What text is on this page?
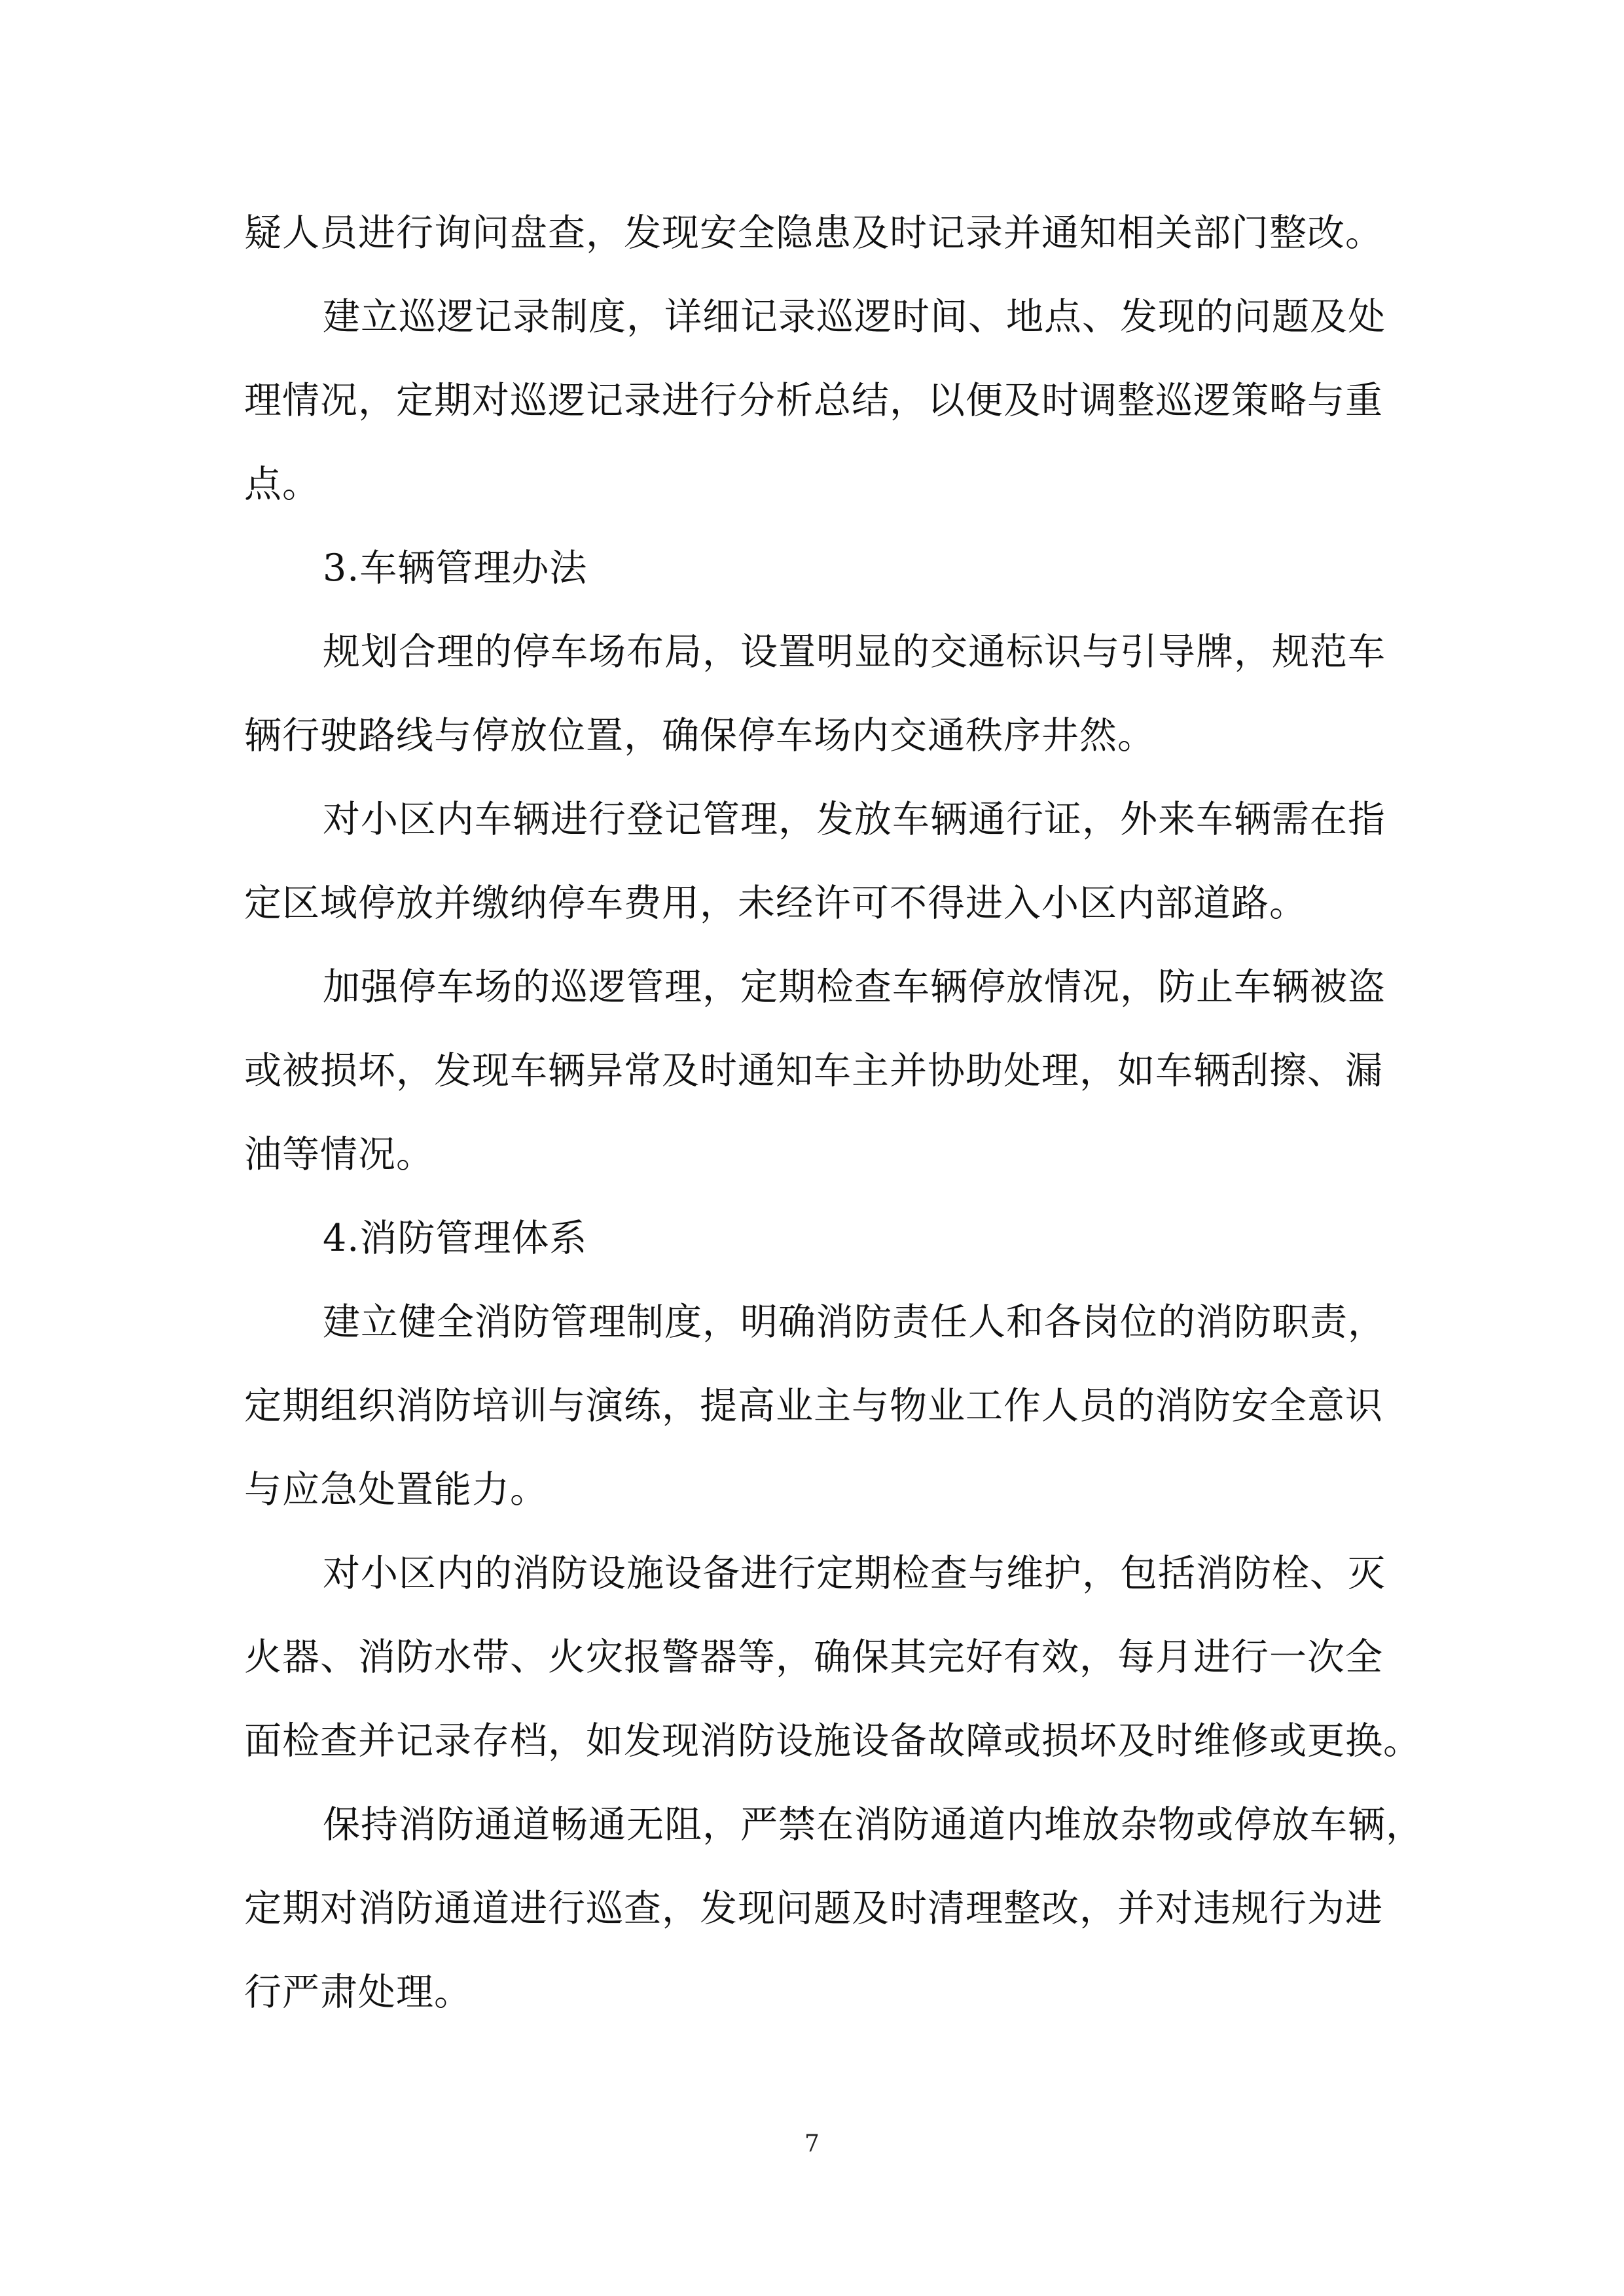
疑人员进行询问盘查，发现安全隐患及时记录并通知相关部门整改。
建立巡逻记录制度，详细记录巡逻时间、地点、发现的问题及处
理情况，定期对巡逻记录进行分析总结，以便及时调整巡逻策略与重
点。
3.车辆管理办法
规划合理的停车场布局，设置明显的交通标识与引导牌，规范车
辆行驶路线与停放位置，确保停车场内交通秩序井然。
对小区内车辆进行登记管理，发放车辆通行证，外来车辆需在指
定区域停放并缴纳停车费用，未经许可不得进入小区内部道路。
加强停车场的巡逻管理，定期检查车辆停放情况，防止车辆被盗
或被损坏，发现车辆异常及时通知车主并协助处理，如车辆刮擦、漏
油等情况。
4.消防管理体系
建立健全消防管理制度，明确消防责任人和各岗位的消防职责，
定期组织消防培训与演练，提高业主与物业工作人员的消防安全意识
与应急处置能力。
对小区内的消防设施设备进行定期检查与维护，包括消防栓、灭
火器、消防水带、火灾报警器等，确保其完好有效，每月进行一次全
面检查并记录存档，如发现消防设施设备故障或损坏及时维修或更换。
保持消防通道畅通无阻，严禁在消防通道内堆放杂物或停放车辆，
定期对消防通道进行巡查，发现问题及时清理整改，并对违规行为进
行严肃处理。
7
